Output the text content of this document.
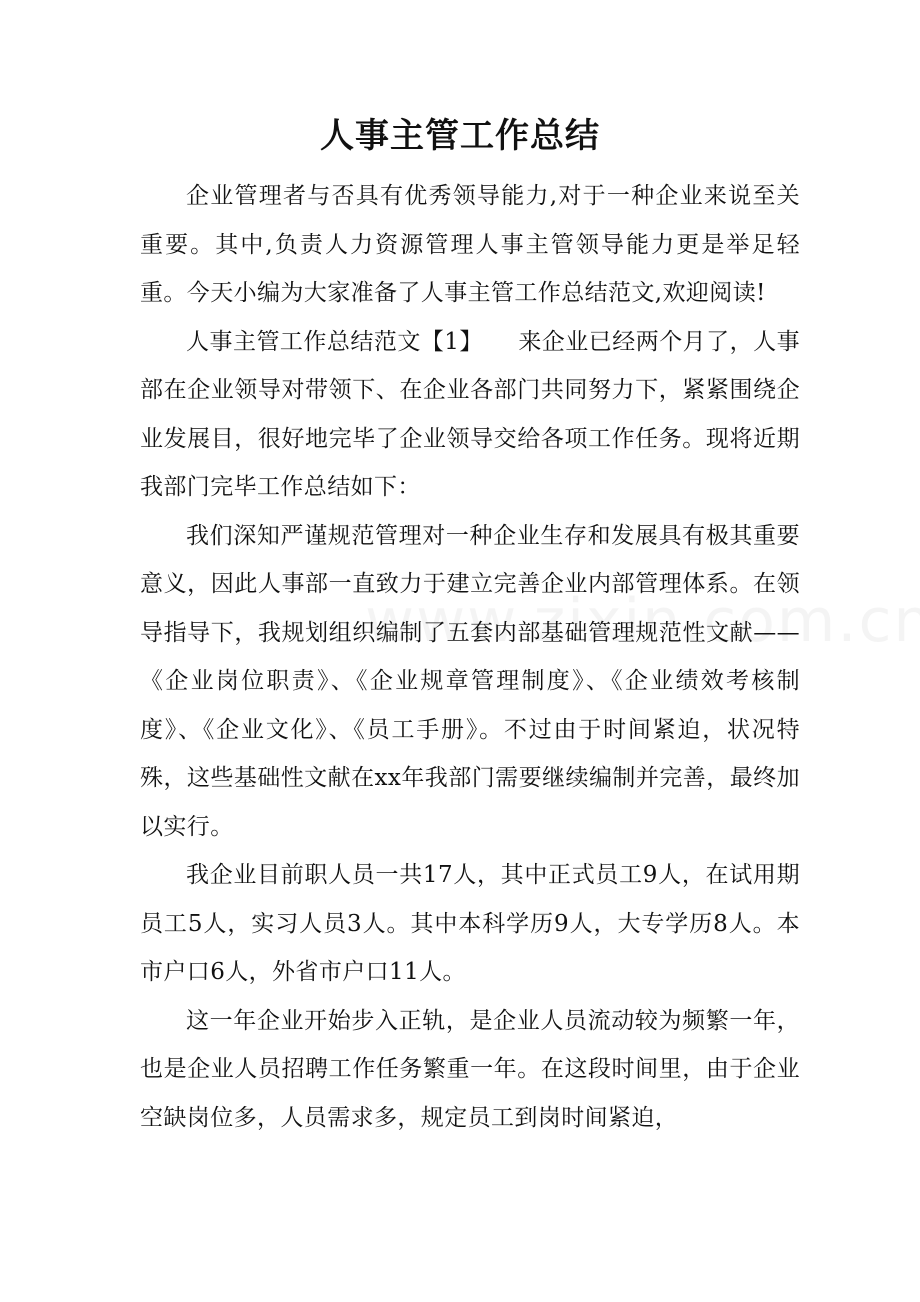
人事主管工作总结

企业管理者与否具有优秀领导能力,对于一种企业来说至关重要。其中,负责人力资源管理人事主管领导能力更是举足轻重。今天小编为大家准备了人事主管工作总结范文,欢迎阅读!

人事主管工作总结范文【1】　　来企业已经两个月了，人事部在企业领导对带领下、在企业各部门共同努力下，紧紧围绕企业发展目，很好地完毕了企业领导交给各项工作任务。现将近期我部门完毕工作总结如下：

我们深知严谨规范管理对一种企业生存和发展具有极其重要意义，因此人事部一直致力于建立完善企业内部管理体系。在领导指导下，我规划组织编制了五套内部基础管理规范性文献——《企业岗位职责》、《企业规章管理制度》、《企业绩效考核制度》、《企业文化》、《员工手册》。不过由于时间紧迫，状况特殊，这些基础性文献在xx年我部门需要继续编制并完善，最终加以实行。

我企业目前职人员一共17人，其中正式员工9人，在试用期员工5人，实习人员3人。其中本科学历9人，大专学历8人。本市户口6人，外省市户口11人。

这一年企业开始步入正轨，是企业人员流动较为频繁一年，也是企业人员招聘工作任务繁重一年。在这段时间里，由于企业空缺岗位多，人员需求多，规定员工到岗时间紧迫，
